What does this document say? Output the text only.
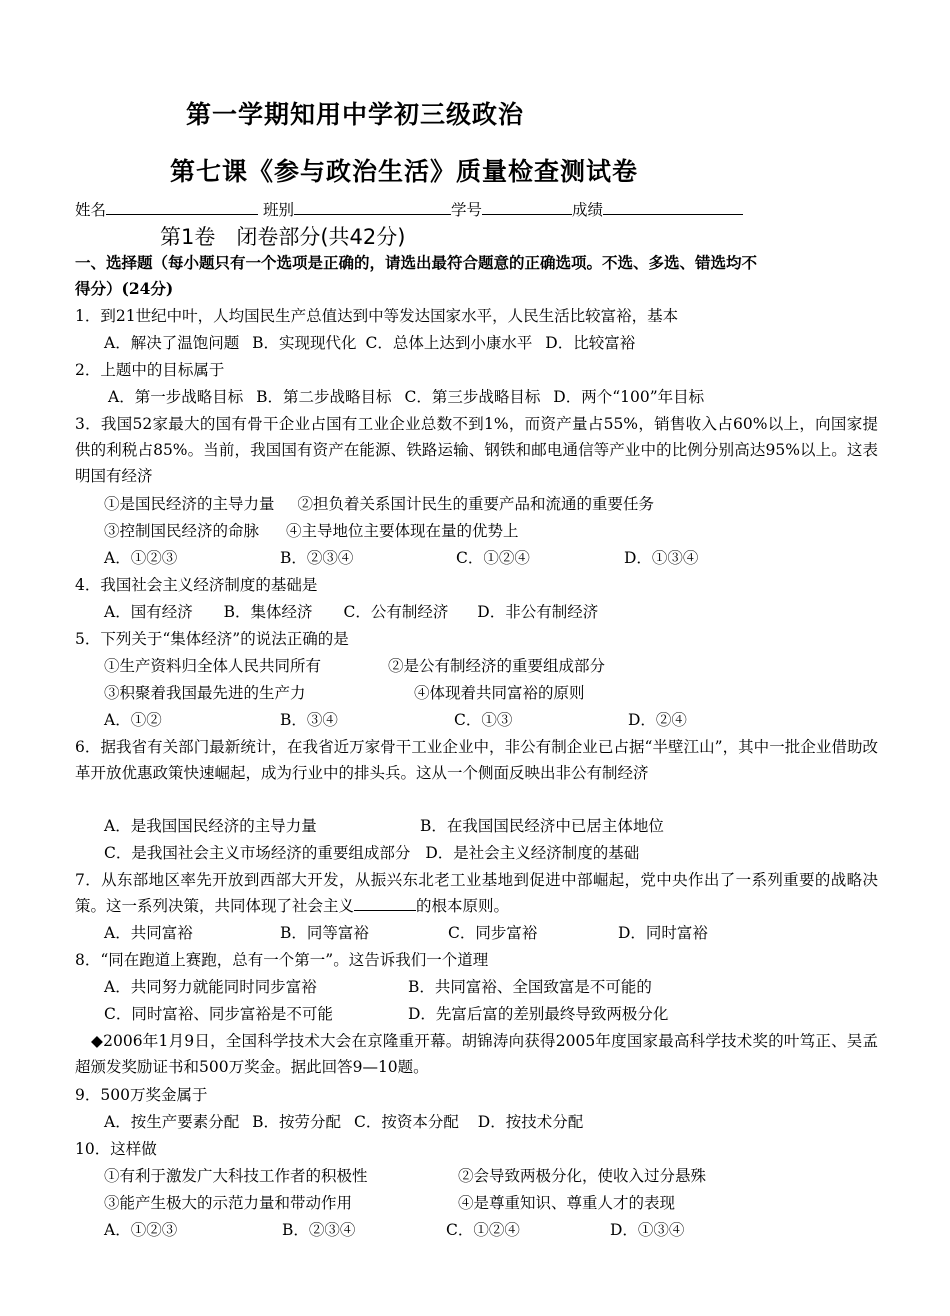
第一学期知用中学初三级政治
第七课《参与政治生活》质量检查测试卷
姓名	班别	学号	成绩
第1卷　闭卷部分(共42分)
一、选择题（每小题只有一个选项是正确的，请选出最符合题意的正确选项。不选、多选、错选均不
得分）(24分)
1．到21世纪中叶，人均国民生产总值达到中等发达国家水平，人民生活比较富裕，基本
A．解决了温饱问题 B．实现现代化 C．总体上达到小康水平 D．比较富裕
2．上题中的目标属于
A．第一步战略目标 B．第二步战略目标 C．第三步战略目标 D．两个“100”年目标
3．我国52家最大的国有骨干企业占国有工业企业总数不到1%，而资产量占55%，销售收入占60%以上，向国家提供的利税占85%。当前，我国国有资产在能源、铁路运输、钢铁和邮电通信等产业中的比例分别高达95%以上。这表明国有经济
①是国民经济的主导力量 ②担负着关系国计民生的重要产品和流通的重要任务
③控制国民经济的命脉 ④主导地位主要体现在量的优势上
A．①②③	B．②③④	C．①②④	D．①③④
4．我国社会主义经济制度的基础是
A．国有经济 B．集体经济 C．公有制经济 D．非公有制经济
5．下列关于“集体经济”的说法正确的是
①生产资料归全体人民共同所有	②是公有制经济的重要组成部分
③积聚着我国最先进的生产力	④体现着共同富裕的原则
A．①②	B．③④	C．①③	D．②④
6．据我省有关部门最新统计，在我省近万家骨干工业企业中，非公有制企业已占据“半壁江山”，其中一批企业借助改革开放优惠政策快速崛起，成为行业中的排头兵。这从一个侧面反映出非公有制经济
A．是我国国民经济的主导力量	B．在我国国民经济中已居主体地位
C．是我国社会主义市场经济的重要组成部分 D．是社会主义经济制度的基础
7．从东部地区率先开放到西部大开发，从振兴东北老工业基地到促进中部崛起，党中央作出了一系列重要的战略决策。这一系列决策，共同体现了社会主义	的根本原则。
A．共同富裕	B．同等富裕	C．同步富裕	D．同时富裕
8．“同在跑道上赛跑，总有一个第一”。这告诉我们一个道理
A．共同努力就能同时同步富裕	B．共同富裕、全国致富是不可能的
C．同时富裕、同步富裕是不可能	D．先富后富的差别最终导致两极分化
◆2006年1月9日，全国科学技术大会在京隆重开幕。胡锦涛向获得2005年度国家最高科学技术奖的叶笃正、吴孟超颁发奖励证书和500万奖金。据此回答9—10题。
9．500万奖金属于
A．按生产要素分配 B．按劳分配 C．按资本分配 D．按技术分配
10．这样做
①有利于激发广大科技工作者的积极性	②会导致两极分化，使收入过分悬殊
③能产生极大的示范力量和带动作用	④是尊重知识、尊重人才的表现
A．①②③	B．②③④	C．①②④	D．①③④
